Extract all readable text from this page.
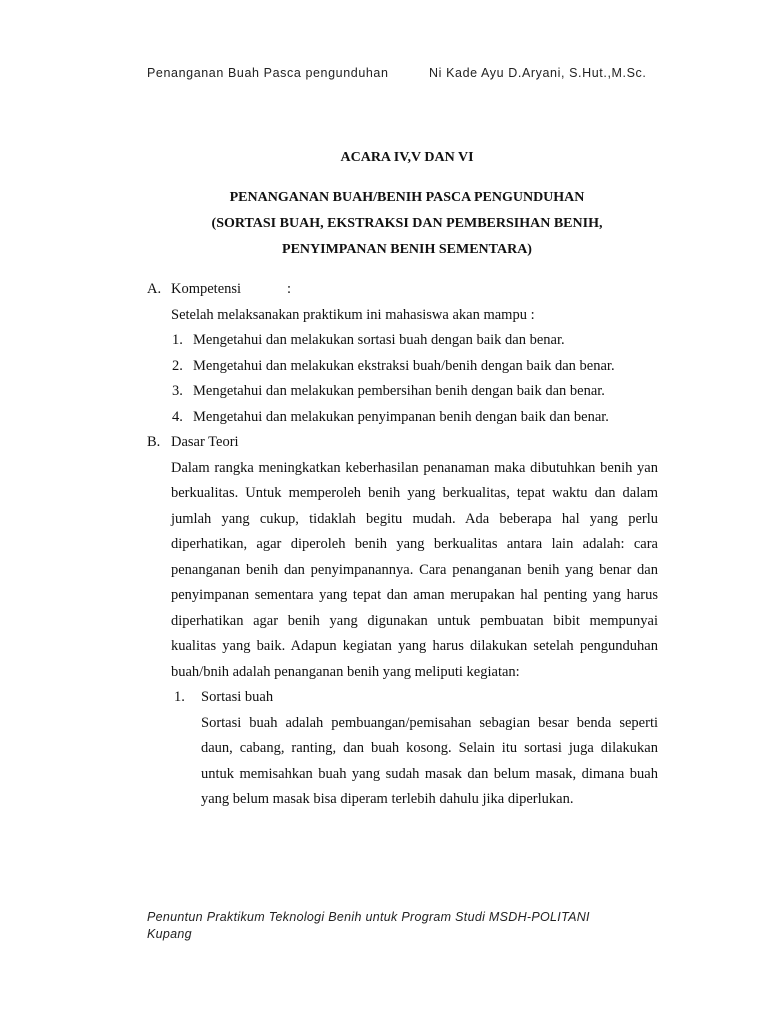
Penanganan Buah Pasca pengunduhan	Ni Kade Ayu D.Aryani, S.Hut.,M.Sc.
ACARA IV,V DAN VI
PENANGANAN BUAH/BENIH PASCA PENGUNDUHAN
(SORTASI BUAH, EKSTRAKSI DAN PEMBERSIHAN BENIH,
PENYIMPANAN BENIH SEMENTARA)
A. Kompetensi	:
Setelah melaksanakan praktikum ini mahasiswa akan mampu :
1. Mengetahui dan melakukan sortasi buah dengan baik dan benar.
2. Mengetahui dan melakukan ekstraksi buah/benih dengan baik dan benar.
3. Mengetahui dan melakukan pembersihan benih dengan baik dan benar.
4. Mengetahui dan melakukan penyimpanan benih dengan baik dan benar.
B. Dasar Teori
Dalam rangka meningkatkan keberhasilan penanaman maka dibutuhkan benih yan berkualitas. Untuk memperoleh benih yang berkualitas, tepat waktu dan dalam jumlah yang cukup, tidaklah begitu mudah. Ada beberapa hal yang perlu diperhatikan, agar diperoleh benih yang berkualitas antara lain adalah: cara penanganan benih dan penyimpanannya. Cara penanganan benih yang benar dan penyimpanan sementara yang tepat dan aman merupakan hal penting yang harus diperhatikan agar benih yang digunakan untuk pembuatan bibit mempunyai kualitas yang baik. Adapun kegiatan yang harus dilakukan setelah pengunduhan buah/bnih adalah penanganan benih yang meliputi kegiatan:
1. Sortasi buah
Sortasi buah adalah pembuangan/pemisahan sebagian besar benda seperti daun, cabang, ranting, dan buah kosong. Selain itu sortasi juga dilakukan untuk memisahkan buah yang sudah masak dan belum masak, dimana buah yang belum masak bisa diperam terlebih dahulu jika diperlukan.
Penuntun Praktikum Teknologi Benih untuk Program Studi MSDH-POLITANI Kupang
